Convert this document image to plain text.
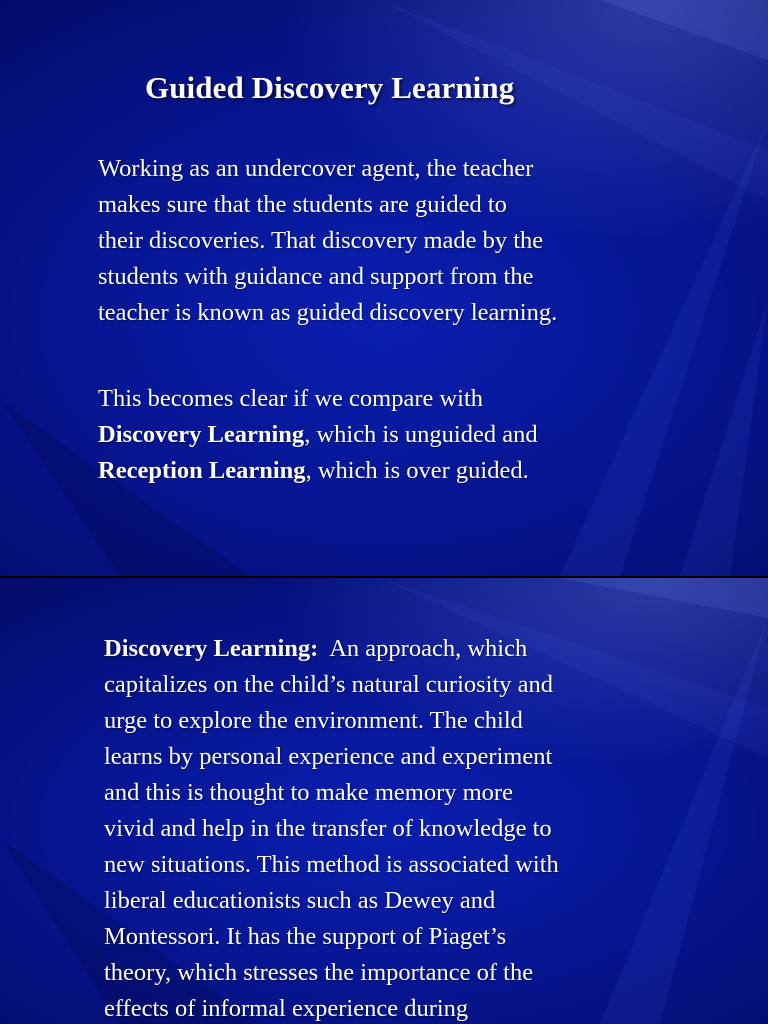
Guided Discovery Learning
Working as an undercover agent, the teacher
makes sure that the students are guided to
their discoveries. That discovery made by the
students with guidance and support from the
teacher is known as guided discovery learning.
This becomes clear if we compare with
Discovery Learning, which is unguided and
Reception Learning, which is over guided.
Discovery Learning:  An approach, which
capitalizes on the child’s natural curiosity and
urge to explore the environment. The child
learns by personal experience and experiment
and this is thought to make memory more
vivid and help in the transfer of knowledge to
new situations. This method is associated with
liberal educationists such as Dewey and
Montessori. It has the support of Piaget’s
theory, which stresses the importance of the
effects of informal experience during
